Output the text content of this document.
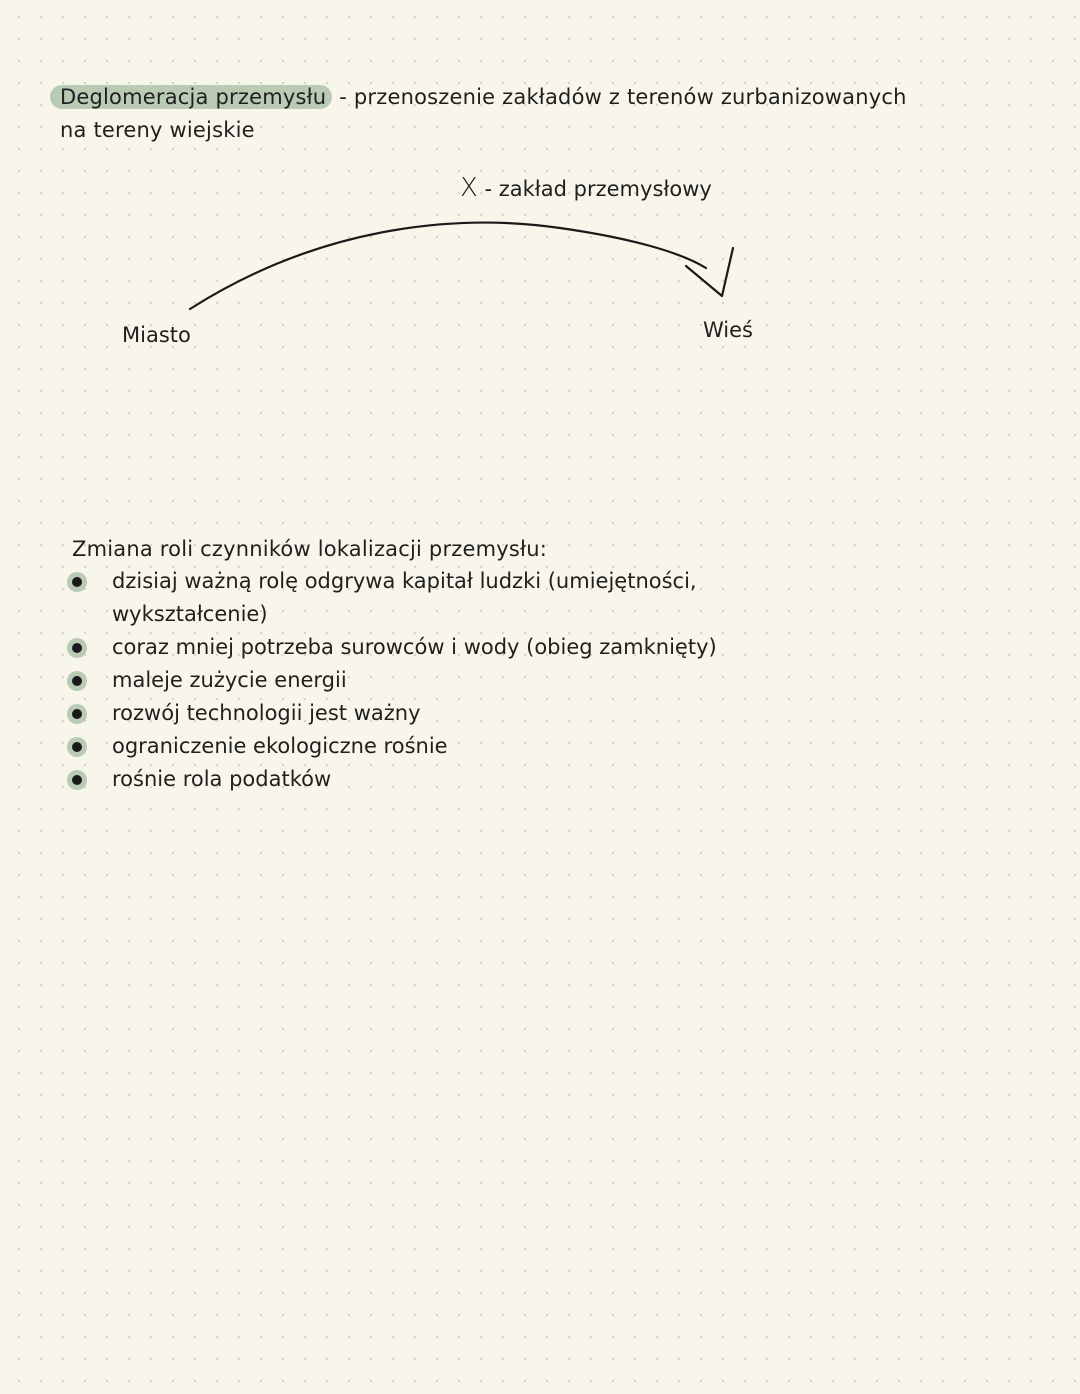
Deglomeracja przemysłu - przenoszenie zakładów z terenów zurbanizowanych
na tereny wiejskie
X - zakład przemysłowy
Miasto	Wieś
Zmiana roli czynników lokalizacji przemysłu:
dzisiaj ważną rolę odgrywa kapitał ludzki (umiejętności,
wykształcenie)
coraz mniej potrzeba surowców i wody (obieg zamknięty)
maleje zużycie energii
rozwój technologii jest ważny
ograniczenie ekologiczne rośnie
rośnie rola podatków
